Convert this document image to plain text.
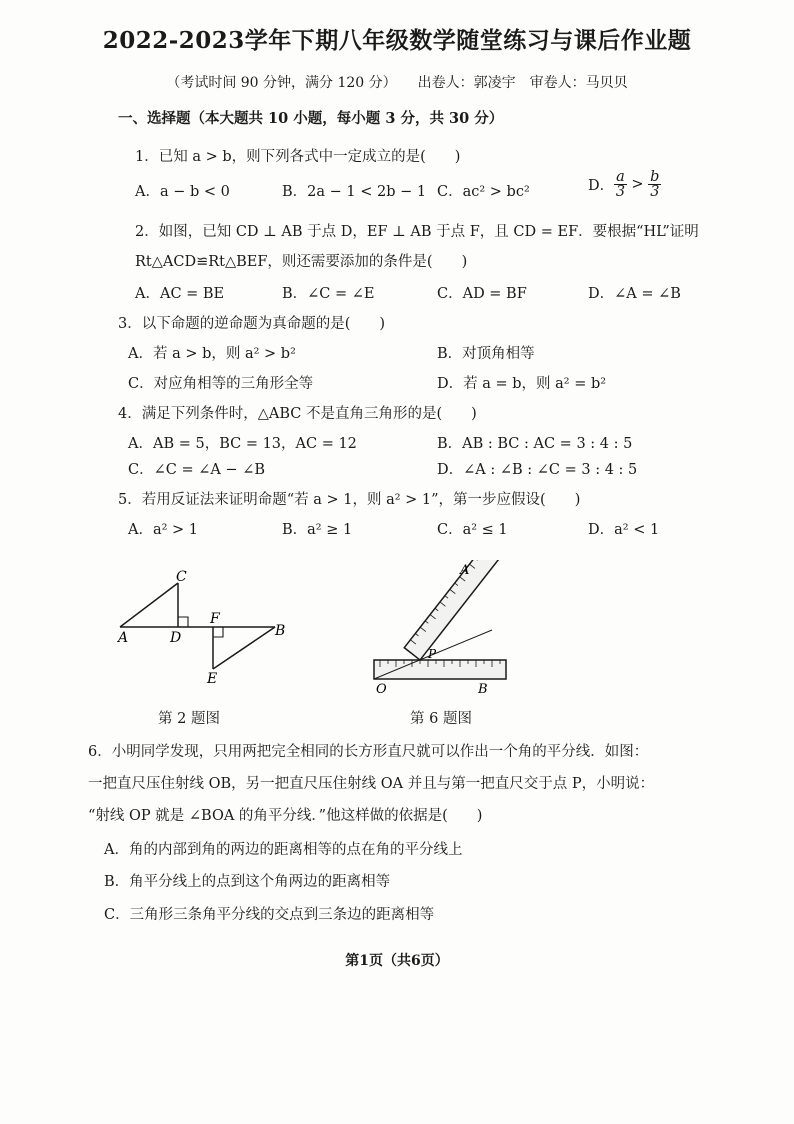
2022-2023学年下期八年级数学随堂练习与课后作业题
（考试时间 90 分钟，满分 120 分）　　出卷人：郭凌宇　审卷人：马贝贝
一、选择题（本大题共 10 小题，每小题 3 分，共 30 分）
1．已知 a > b，则下列各式中一定成立的是(　　)
A．a − b < 0	B．2a − 1 < 2b − 1 C．ac² > bc²	D． $\frac{a}{3} > \frac{b}{3}$
2．如图，已知 CD ⊥ AB 于点 D，EF ⊥ AB 于点 F，且 CD = EF．要根据“HL”证明
Rt△ACD≌Rt△BEF，则还需要添加的条件是(　　)
A．AC = BE	B．∠C = ∠E	C．AD = BF	D．∠A = ∠B
3．以下命题的逆命题为真命题的是(　　)
A．若 a > b，则 a² > b²	B．对顶角相等
C．对应角相等的三角形全等	D．若 a = b，则 a² = b²
4．满足下列条件时，△ABC 不是直角三角形的是(　　)
A．AB = 5，BC = 13，AC = 12	B．AB : BC : AC = 3 : 4 : 5
C．∠C = ∠A − ∠B	D．∠A : ∠B : ∠C = 3 : 4 : 5
5．若用反证法来证明命题“若 a > 1，则 a² > 1”，第一步应假设(　　)
A．a² > 1	B．a² ≥ 1	C．a² ≤ 1	D．a² < 1
C
A	D
F
B
E
第 2 题图
A
P
O	B
第 6 题图
6．小明同学发现，只用两把完全相同的长方形直尺就可以作出一个角的平分线．如图：
一把直尺压住射线 OB，另一把直尺压住射线 OA 并且与第一把直尺交于点 P，小明说：
“射线 OP 就是 ∠BOA 的角平分线．”他这样做的依据是(　　)
A．角的内部到角的两边的距离相等的点在角的平分线上
B．角平分线上的点到这个角两边的距离相等
C．三角形三条角平分线的交点到三条边的距离相等
第1页（共6页）
